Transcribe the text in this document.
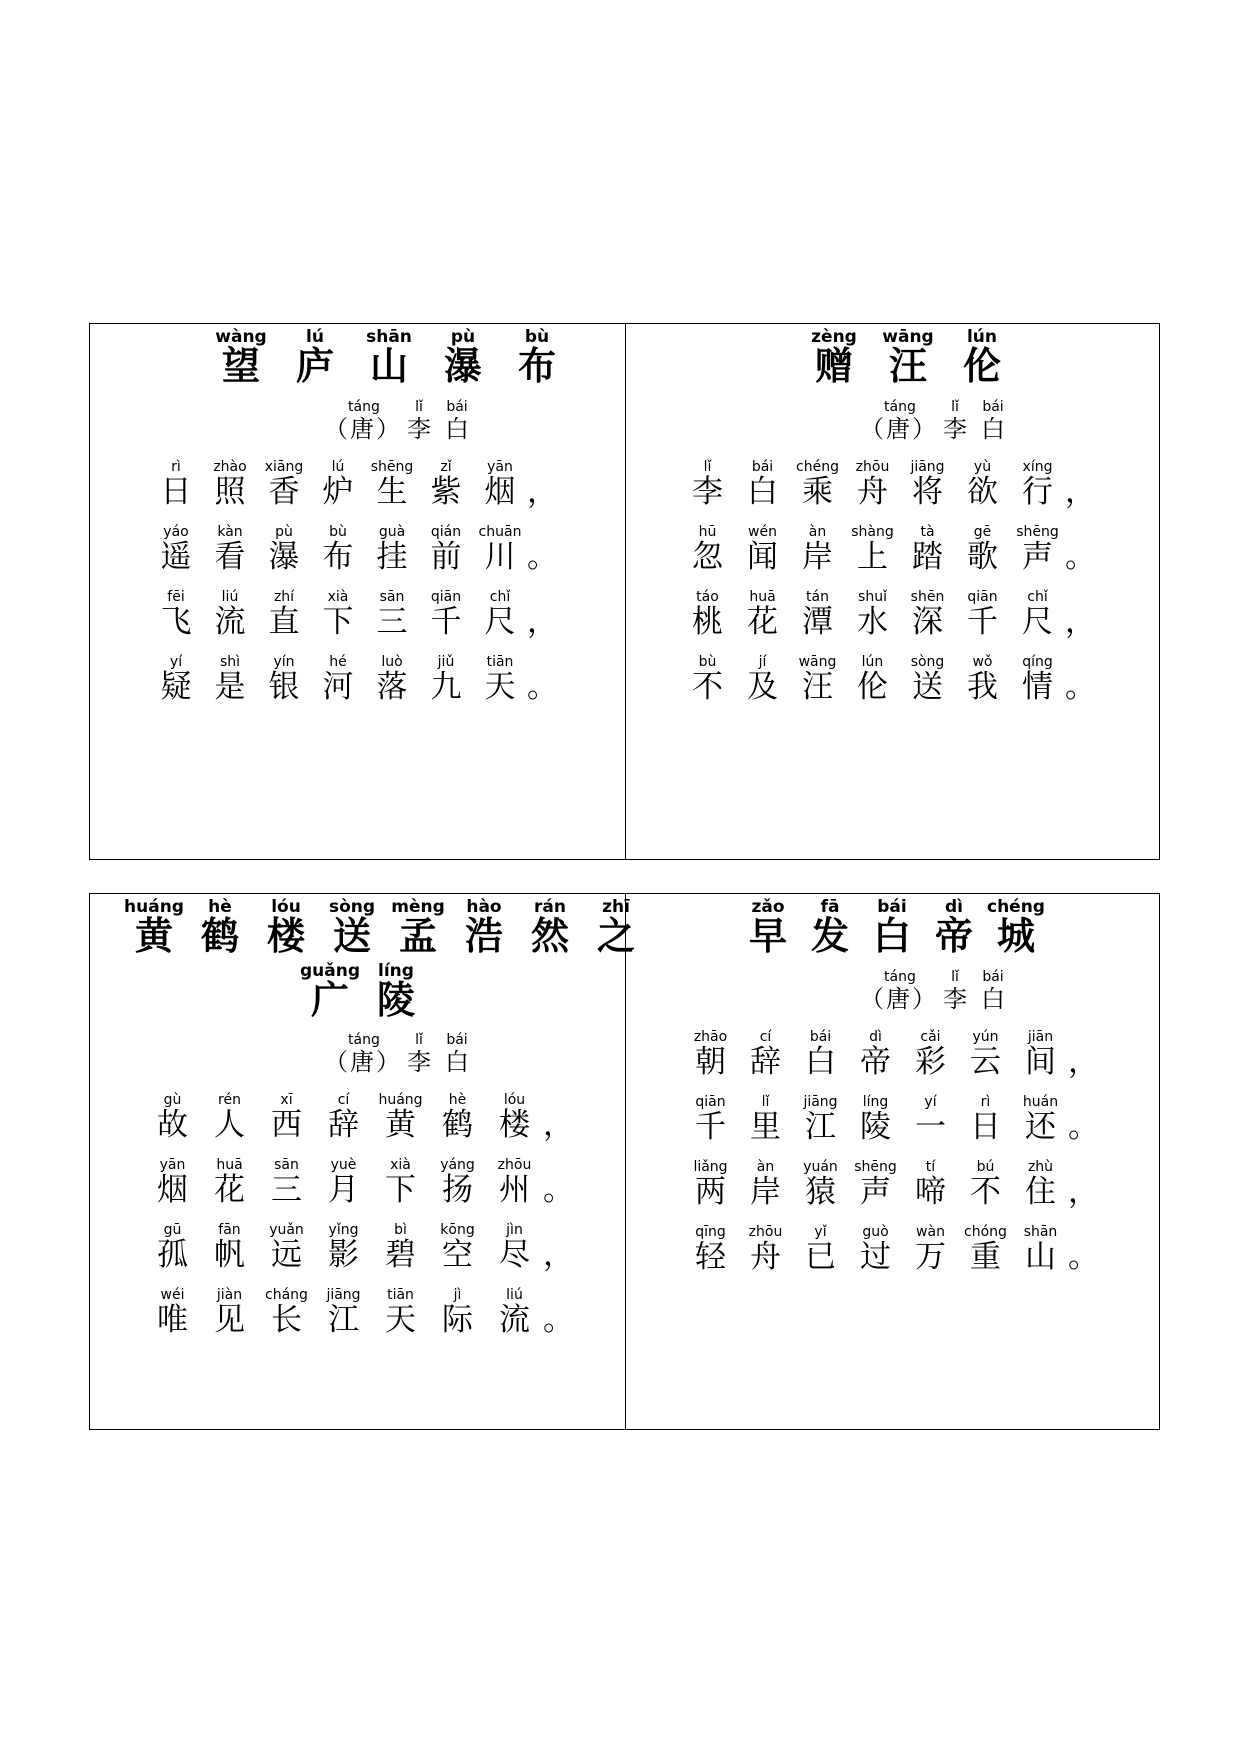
wàng
望
lú
庐
shān
山
pù
瀑
bù
布
（
táng
唐 ）
lǐ
李
bái
白
rì
日
zhào
照
xiāng
香
lú
炉
shēng
生
zǐ
紫
yān
烟 ，
yáo
遥
kàn
看
pù
瀑
bù
布
guà
挂
qián
前
chuān
川 。
fēi
飞
liú
流
zhí
直
xià
下
sān
三
qiān
千
chǐ
尺 ，
yí
疑
shì
是
yín
银
hé
河
luò
落
jiǔ
九
tiān
天 。
zèng
赠
wāng
汪
lún
伦
（
táng
唐 ）
lǐ
李
bái
白
lǐ
李
bái
白
chéng
乘
zhōu
舟
jiāng
将
yù
欲
xíng
行 ，
hū
忽
wén
闻
àn
岸
shàng
上
tà
踏
gē
歌
shēng
声 。
táo
桃
huā
花
tán
潭
shuǐ
水
shēn
深
qiān
千
chǐ
尺 ，
bù
不
jí
及
wāng
汪
lún
伦
sòng
送
wǒ
我
qíng
情 。
huáng
黄
hè
鹤
lóu
楼
sòng
送
mèng
孟
hào
浩
rán
然
zhī
之
guǎng
广
líng
陵
（
táng
唐 ）
lǐ
李
bái
白
gù
故
rén
人
xī
西
cí
辞
huáng
黄
hè
鹤
lóu
楼 ，
yān
烟
huā
花
sān
三
yuè
月
xià
下
yáng
扬
zhōu
州 。
gū
孤
fān
帆
yuǎn
远
yǐng
影
bì
碧
kōng
空
jìn
尽 ，
wéi
唯
jiàn
见
cháng
长
jiāng
江
tiān
天
jì
际
liú
流 。
zǎo
早
fā
发
bái
白
dì
帝
chéng
城
（
táng
唐 ）
lǐ
李
bái
白
zhāo
朝
cí
辞
bái
白
dì
帝
cǎi
彩
yún
云
jiān
间 ，
qiān
千
lǐ
里
jiāng
江
líng
陵
yí
一
rì
日
huán
还 。
liǎng
两
àn
岸
yuán
猿
shēng
声
tí
啼
bú
不
zhù
住 ，
qīng
轻
zhōu
舟
yǐ
已
guò
过
wàn
万
chóng
重
shān
山 。
